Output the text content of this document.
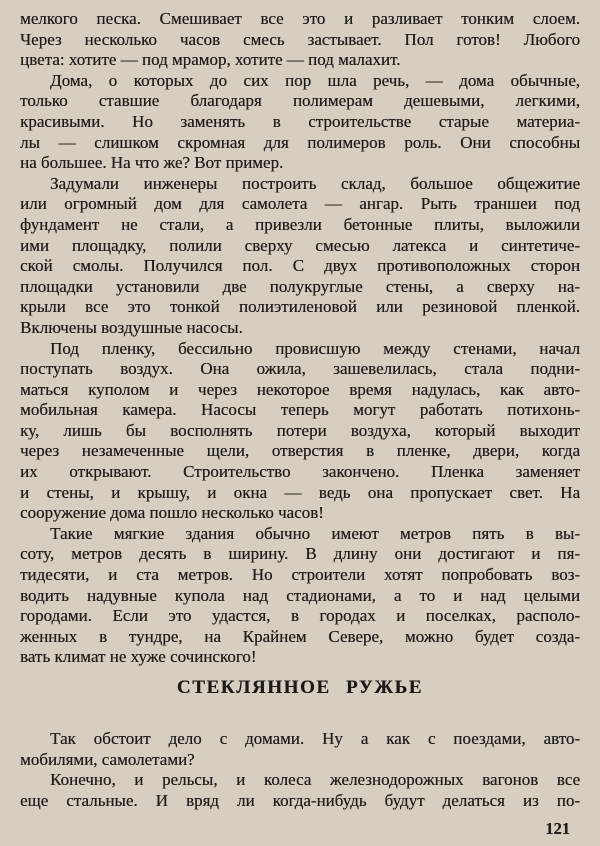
мелкого песка. Смешивает все это и разливает тонким слоем.
Через несколько часов смесь застывает. Пол готов! Любого
цвета: хотите — под мрамор, хотите — под малахит.
Дома, о которых до сих пор шла речь, — дома обычные,
только ставшие благодаря полимерам дешевыми, легкими,
красивыми. Но заменять в строительстве старые материа-
лы — слишком скромная для полимеров роль. Они способны
на большее. На что же? Вот пример.
Задумали инженеры построить склад, большое общежитие
или огромный дом для самолета — ангар. Рыть траншеи под
фундамент не стали, а привезли бетонные плиты, выложили
ими площадку, полили сверху смесью латекса и синтетиче-
ской смолы. Получился пол. С двух противоположных сторон
площадки установили две полукруглые стены, а сверху на-
крыли все это тонкой полиэтиленовой или резиновой пленкой.
Включены воздушные насосы.
Под пленку, бессильно провисшую между стенами, начал
поступать воздух. Она ожила, зашевелилась, стала подни-
маться куполом и через некоторое время надулась, как авто-
мобильная камера. Насосы теперь могут работать потихонь-
ку, лишь бы восполнять потери воздуха, который выходит
через незамеченные щели, отверстия в пленке, двери, когда
их открывают. Строительство закончено. Пленка заменяет
и стены, и крышу, и окна — ведь она пропускает свет. На
сооружение дома пошло несколько часов!
Такие мягкие здания обычно имеют метров пять в вы-
соту, метров десять в ширину. В длину они достигают и пя-
тидесяти, и ста метров. Но строители хотят попробовать воз-
водить надувные купола над стадионами, а то и над целыми
городами. Если это удастся, в городах и поселках, располо-
женных в тундре, на Крайнем Севере, можно будет созда-
вать климат не хуже сочинского!
СТЕКЛЯННОЕ РУЖЬЕ
Так обстоит дело с домами. Ну а как с поездами, авто-
мобилями, самолетами?
Конечно, и рельсы, и колеса железнодорожных вагонов все
еще стальные. И вряд ли когда-нибудь будут делаться из по-
121
